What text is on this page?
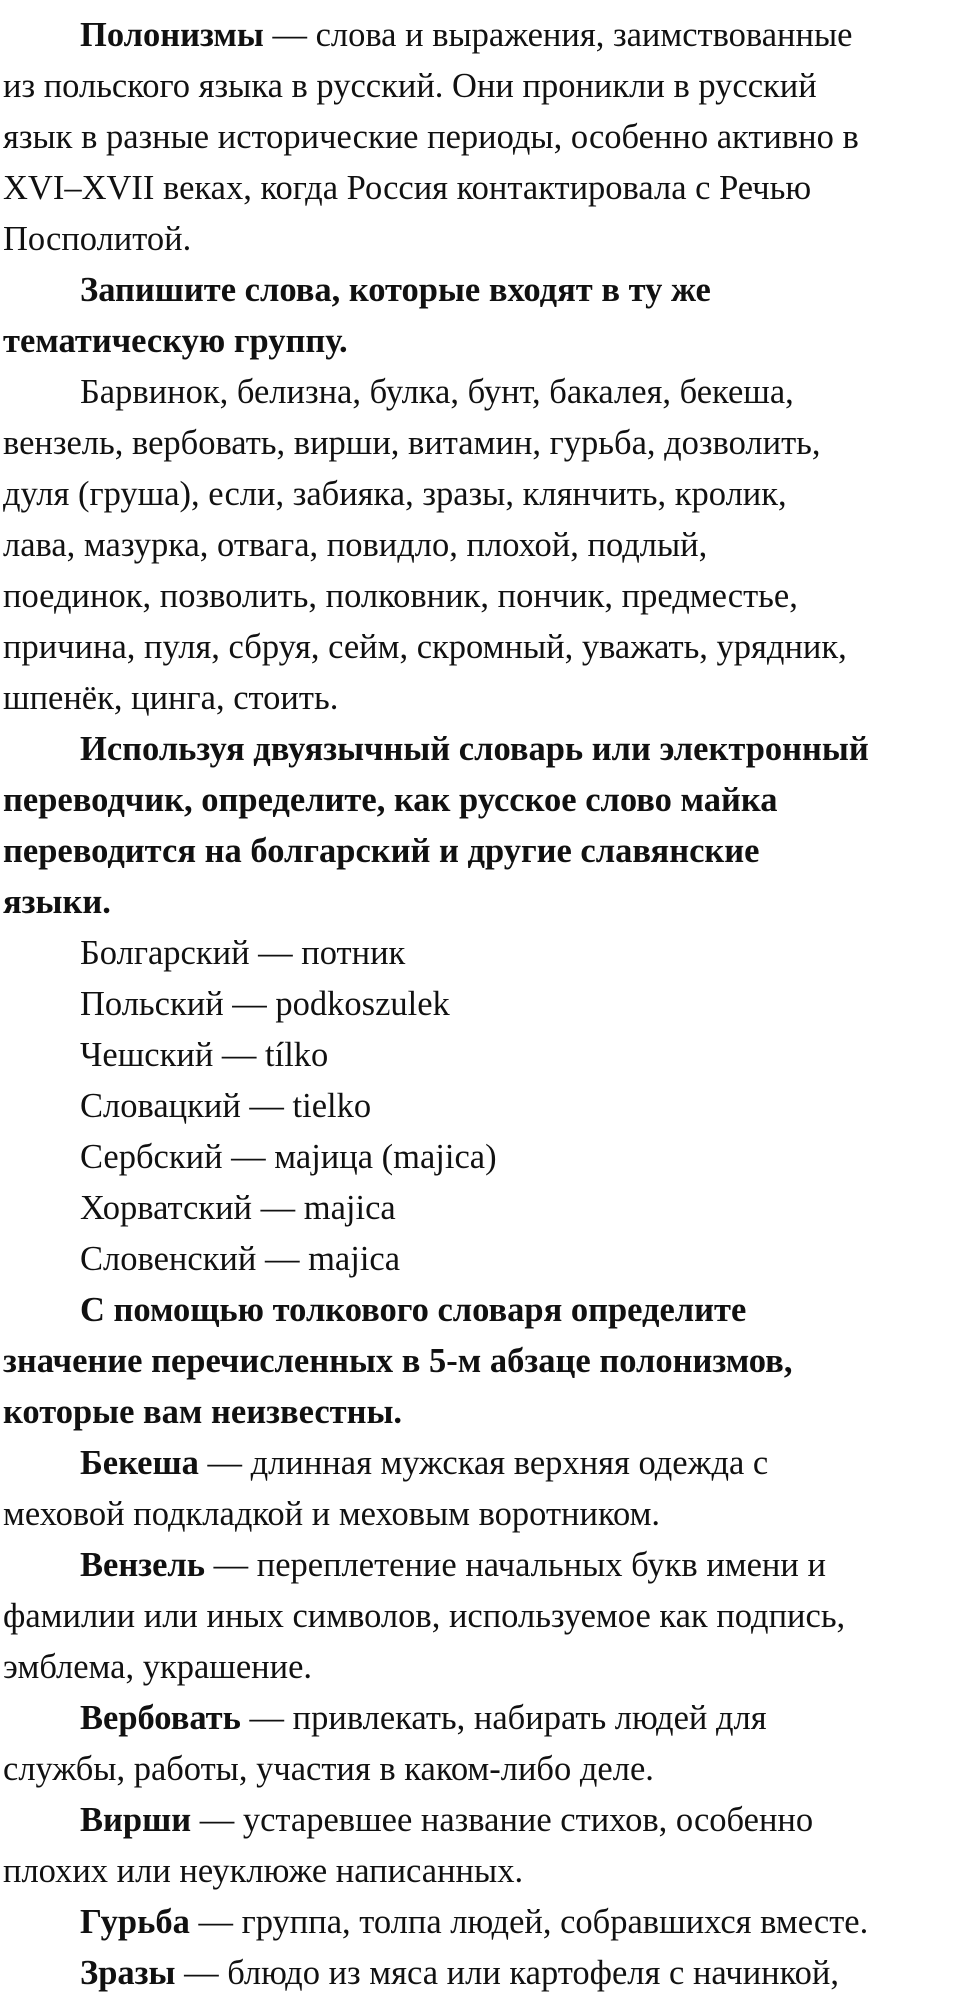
Полонизмы — слова и выражения, заимствованные

из польского языка в русский. Они проникли в русский

язык в разные исторические периоды, особенно активно в

XVI–XVII веках, когда Россия контактировала с Речью

Посполитой.

Запишите слова, которые входят в ту же

тематическую группу.

Барвинок, белизна, булка, бунт, бакалея, бекеша,

вензель, вербовать, вирши, витамин, гурьба, дозволить,

дуля (груша), если, забияка, зразы, клянчить, кролик,

лава, мазурка, отвага, повидло, плохой, подлый,

поединок, позволить, полковник, пончик, предместье,

причина, пуля, сбруя, сейм, скромный, уважать, урядник,

шпенёк, цинга, стоить.

Используя двуязычный словарь или электронный

переводчик, определите, как русское слово майка

переводится на болгарский и другие славянские

языки.

Болгарский — потник

Польский — podkoszulek

Чешский — tílko

Словацкий — tielko

Сербский — мајица (majica)

Хорватский — majica

Словенский — majica

С помощью толкового словаря определите

значение перечисленных в 5-м абзаце полонизмов,

которые вам неизвестны.

Бекеша — длинная мужская верхняя одежда с

меховой подкладкой и меховым воротником.

Вензель — переплетение начальных букв имени и

фамилии или иных символов, используемое как подпись,

эмблема, украшение.

Вербовать — привлекать, набирать людей для

службы, работы, участия в каком-либо деле.

Вирши — устаревшее название стихов, особенно

плохих или неуклюже написанных.

Гурьба — группа, толпа людей, собравшихся вместе.

Зразы — блюдо из мяса или картофеля с начинкой,
